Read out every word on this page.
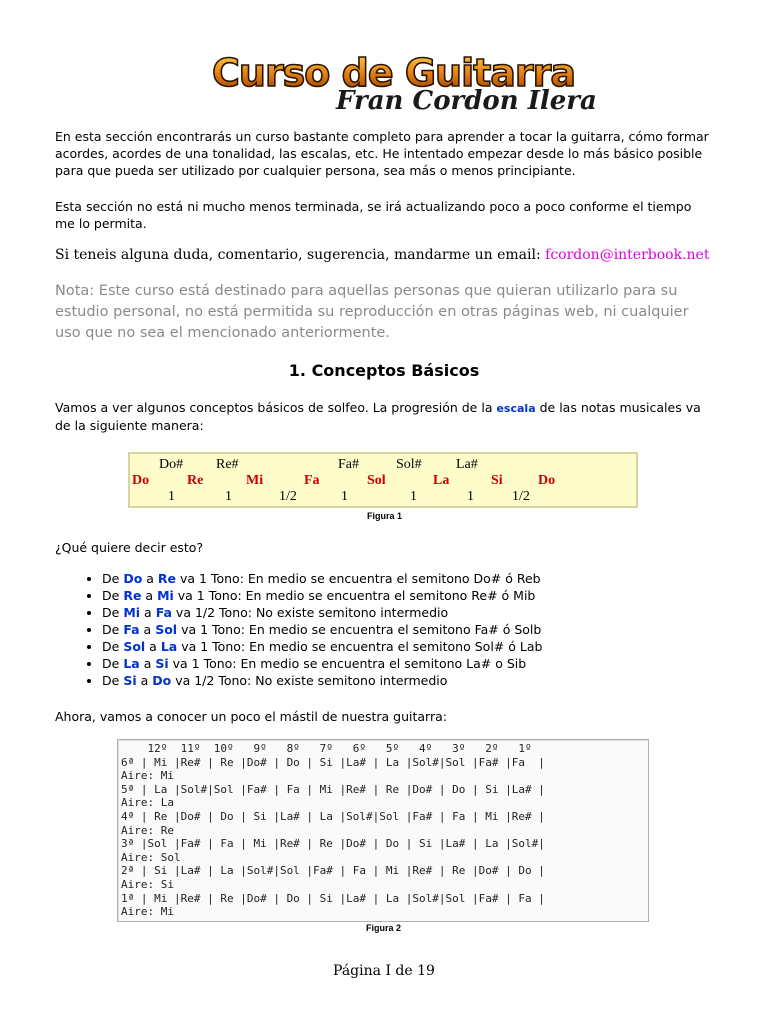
Curso de Guitarra
Fran Cordon Ilera

En esta sección encontrarás un curso bastante completo para aprender a tocar la guitarra, cómo formar acordes, acordes de una tonalidad, las escalas, etc. He intentado empezar desde lo más básico posible para que pueda ser utilizado por cualquier persona, sea más o menos principiante.

Esta sección no está ni mucho menos terminada, se irá actualizando poco a poco conforme el tiempo me lo permita.

Si teneis alguna duda, comentario, sugerencia, mandarme un email: fcordon@interbook.net

Nota: Este curso está destinado para aquellas personas que quieran utilizarlo para su estudio personal, no está permitida su reproducción en otras páginas web, ni cualquier uso que no sea el mencionado anteriormente.

1. Conceptos Básicos

Vamos a ver algunos conceptos básicos de solfeo. La progresión de la escala de las notas musicales va de la siguiente manera:

Do# Re#	Fa#	Sol# La#
Do	Re	Mi	Fa	Sol	La	Si	Do
1	1	1/2	1	1	1	1/2
Figura 1

¿Qué quiere decir esto?

• De Do a Re va 1 Tono: En medio se encuentra el semitono Do# ó Reb
• De Re a Mi va 1 Tono: En medio se encuentra el semitono Re# ó Mib
• De Mi a Fa va 1/2 Tono: No existe semitono intermedio
• De Fa a Sol va 1 Tono: En medio se encuentra el semitono Fa# ó Solb
• De Sol a La va 1 Tono: En medio se encuentra el semitono Sol# ó Lab
• De La a Si va 1 Tono: En medio se encuentra el semitono La# o Sib
• De Si a Do va 1/2 Tono: No existe semitono intermedio

Ahora, vamos a conocer un poco el mástil de nuestra guitarra:

12º  11º  10º   9º   8º   7º   6º   5º   4º   3º   2º   1º
6ª | Mi |Re# | Re |Do# | Do | Si |La# | La |Sol#|Sol |Fa# |Fa  |
Aire: Mi
5ª | La |Sol#|Sol |Fa# | Fa | Mi |Re# | Re |Do# | Do | Si |La# |
Aire: La
4ª | Re |Do# | Do | Si |La# | La |Sol#|Sol |Fa# | Fa | Mi |Re# |
Aire: Re
3ª |Sol |Fa# | Fa | Mi |Re# | Re |Do# | Do | Si |La# | La |Sol#|
Aire: Sol
2ª | Si |La# | La |Sol#|Sol |Fa# | Fa | Mi |Re# | Re |Do# | Do |
Aire: Si
1ª | Mi |Re# | Re |Do# | Do | Si |La# | La |Sol#|Sol |Fa# | Fa |
Aire: Mi
Figura 2
Página I de 19
